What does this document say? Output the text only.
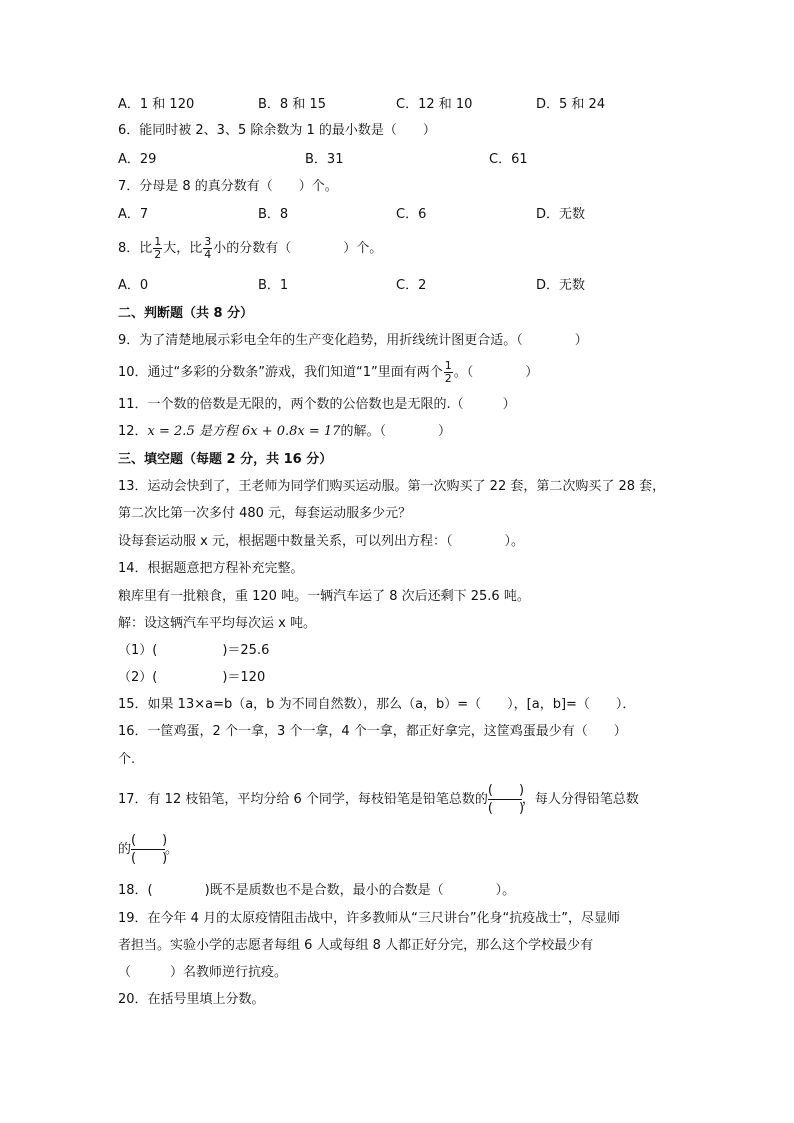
A．1 和 120	B．8 和 15	C．12 和 10	D．5 和 24
6．能同时被 2、3、5 除余数为 1 的最小数是（　　）
A．29	B．31	C．61
7．分母是 8 的真分数有（　　）个。
A．7	B．8	C．6	D．无数
8．比 $\frac{1}{2}$ 大，比 $\frac{3}{4}$ 小的分数有（　　　　）个。
A．0	B．1	C．2	D．无数
二、判断题（共 8 分）
9．为了清楚地展示彩电全年的生产变化趋势，用折线统计图更合适。（　　　　）
10．通过“多彩的分数条”游戏，我们知道“1”里面有两个 $\frac{1}{2}$ 。（　　　　）
11．一个数的倍数是无限的，两个数的公倍数也是无限的.（　　　）
12．x = 2.5 是方程 6x + 0.8x = 17的解。（　　　　）
三、填空题（每题 2 分，共 16 分）
13．运动会快到了，王老师为同学们购买运动服。第一次购买了 22 套，第二次购买了 28 套，
第二次比第一次多付 480 元，每套运动服多少元？
设每套运动服 x 元，根据题中数量关系，可以列出方程：（　　　　）。
14．根据题意把方程补充完整。
粮库里有一批粮食，重 120 吨。一辆汽车运了 8 次后还剩下 25.6 吨。
解：设这辆汽车平均每次运 x 吨。
（1）(　　　　　)＝25.6
（2）(　　　　　)＝120
15．如果 13×a=b（a，b 为不同自然数），那么（a，b）=（　　），[a，b]=（　　）．
16．一筐鸡蛋，2 个一拿，3 个一拿，4 个一拿，都正好拿完，这筐鸡蛋最少有（　　）
个.
17．有 12 枝铅笔，平均分给 6 个同学，每枝铅笔是铅笔总数的
(　　)
(　　)
，每人分得铅笔总数
的
(　　)
(　　)
。
18．(　　　　)既不是质数也不是合数，最小的合数是（　　　　）。
19．在今年 4 月的太原疫情阻击战中，许多教师从“三尺讲台”化身“抗疫战士”，尽显师
者担当。实验小学的志愿者每组 6 人或每组 8 人都正好分完，那么这个学校最少有
（　　　）名教师逆行抗疫。
20．在括号里填上分数。
